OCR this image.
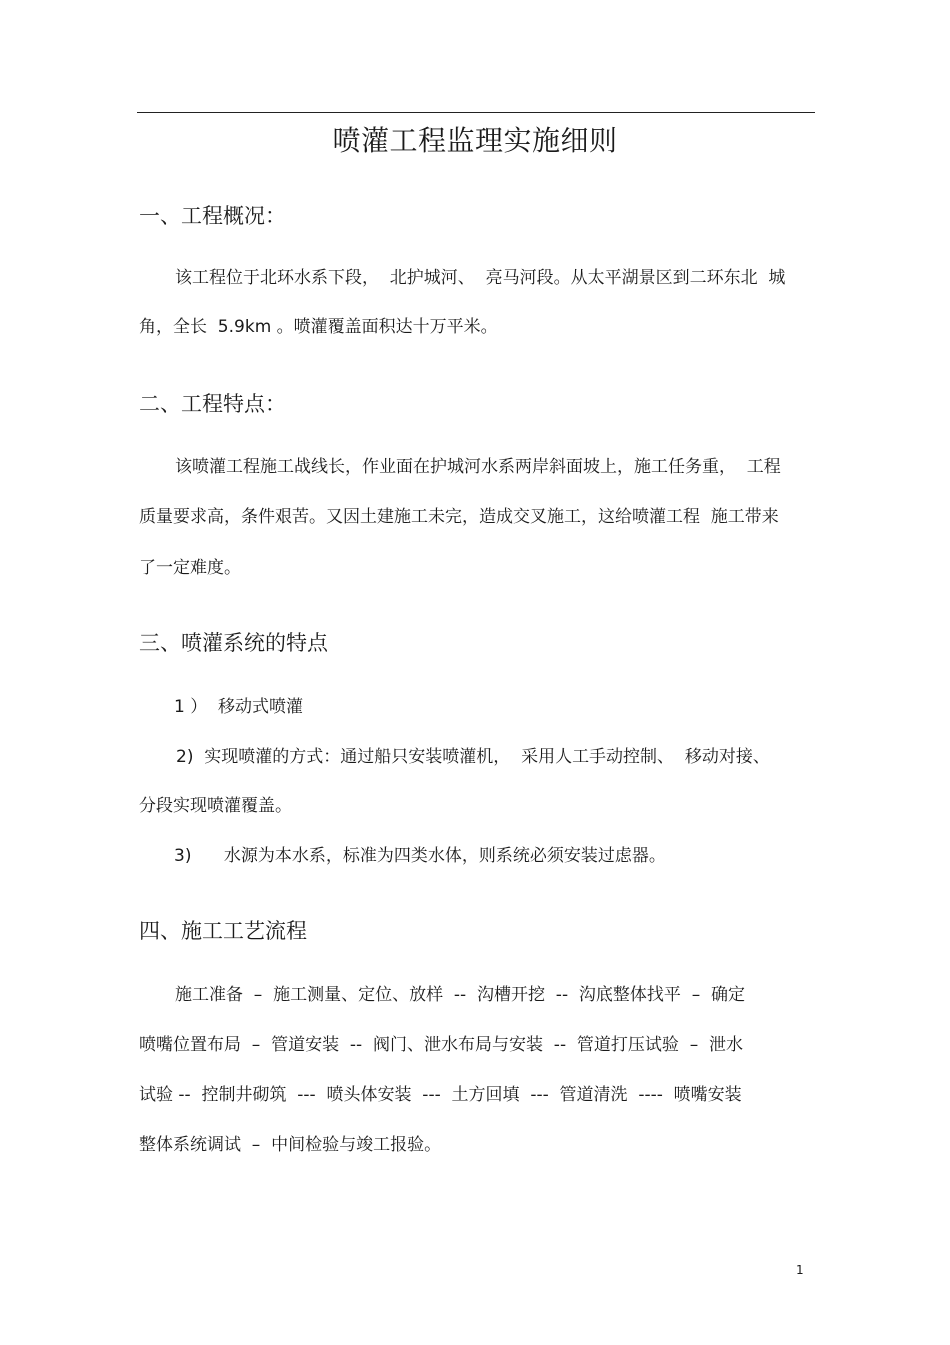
喷灌工程监理实施细则
一、工程概况：
该工程位于北环水系下段，  北护城河、  亮马河段。从太平湖景区到二环东北  城
角，全长  5.9km 。喷灌覆盖面积达十万平米。
二、工程特点：
该喷灌工程施工战线长，作业面在护城河水系两岸斜面坡上，施工任务重，  工程
质量要求高，条件艰苦。又因土建施工未完，造成交叉施工，这给喷灌工程  施工带来
了一定难度。
三、喷灌系统的特点
1 ）  移动式喷灌
2)  实现喷灌的方式：通过船只安装喷灌机，  采用人工手动控制、  移动对接、
分段实现喷灌覆盖。
3)      水源为本水系，标准为四类水体，则系统必须安装过虑器。
四、施工工艺流程
施工准备  –  施工测量、定位、放样  --  沟槽开挖  --  沟底整体找平  –  确定
喷嘴位置布局  –  管道安装  --  阀门、泄水布局与安装  --  管道打压试验  –  泄水
试验 --  控制井砌筑  ---  喷头体安装  ---  土方回填  ---  管道清洗  ----  喷嘴安装
整体系统调试  –  中间检验与竣工报验。
1
